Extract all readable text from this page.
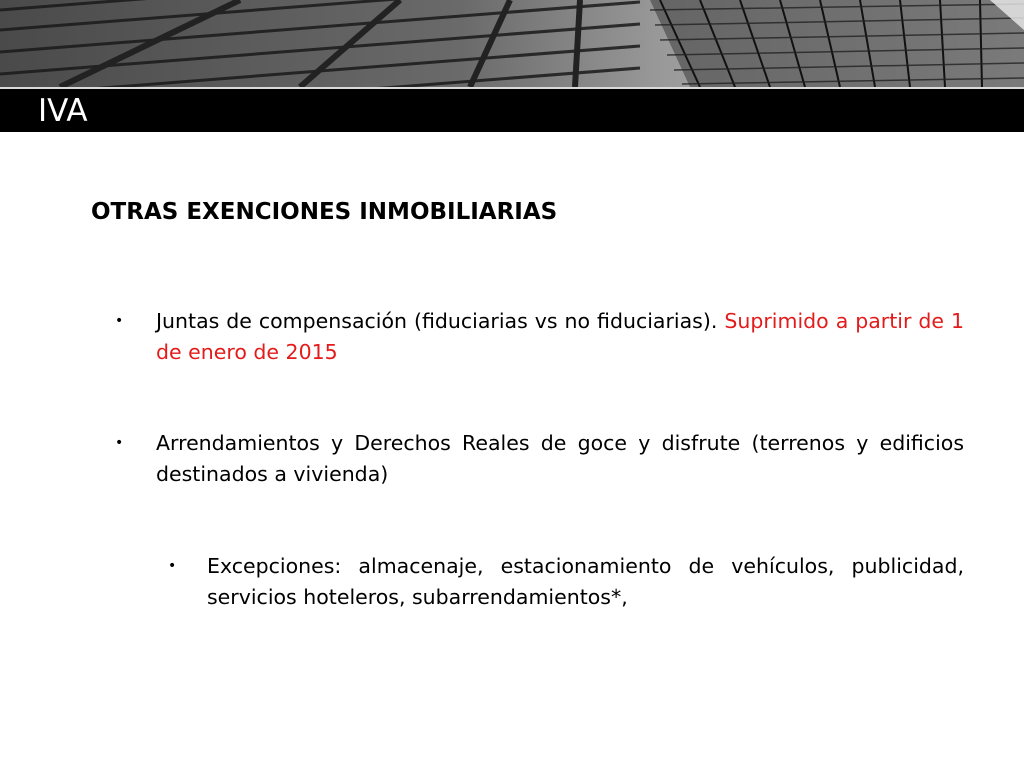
IVA
OTRAS EXENCIONES INMOBILIARIAS
• Juntas de compensación (fiduciarias vs no fiduciarias). Suprimido a partir de 1 de enero de 2015
• Arrendamientos y Derechos Reales de goce y disfrute (terrenos y edificios destinados a vivienda)
• Excepciones: almacenaje, estacionamiento de vehículos, publicidad, servicios hoteleros, subarrendamientos*,
